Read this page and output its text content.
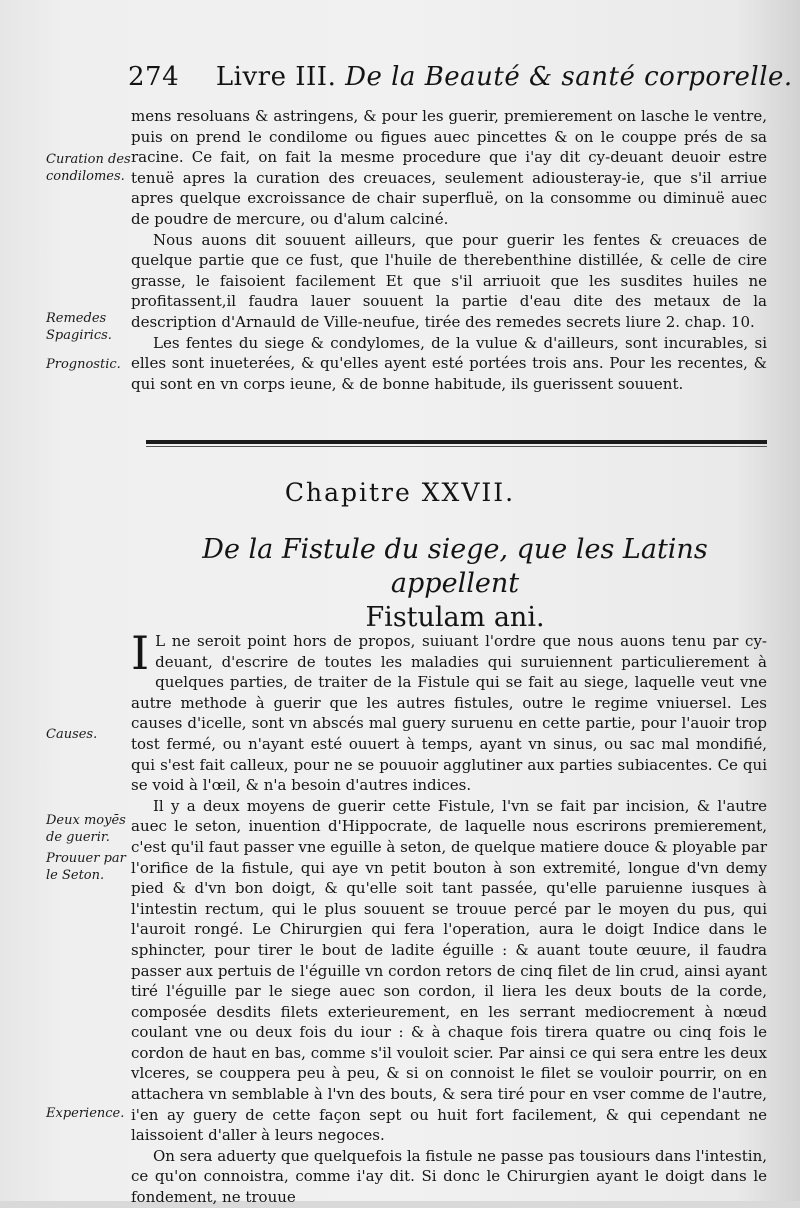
274 Livre III. De la Beauté & santé corporelle.

mens resoluans & astringens, & pour les guerir, premierement on lasche le ventre, puis on prend le condilome ou figues auec pincettes & on le couppe prés de sa racine. Ce fait, on fait la mesme procedure que i'ay dit cy-deuant deuoir estre tenuë apres la curation des creuaces, seulement adiousteray-ie, que s'il arriue apres quelque excroissance de chair superfluë, on la consomme ou diminuë auec de poudre de mercure, ou d'alum calciné.

Nous auons dit souuent ailleurs, que pour guerir les fentes & creuaces de quelque partie que ce fust, que l'huile de therebenthine distillée, & celle de cire grasse, le faisoient facilement Et que s'il arriuoit que les susdites huiles ne profitassent,il faudra lauer souuent la partie d'eau dite des metaux de la description d'Arnauld de Ville-neufue, tirée des remedes secrets liure 2. chap. 10.

Les fentes du siege & condylomes, de la vulue & d'ailleurs, sont incurables, si elles sont inueterées, & qu'elles ayent esté portées trois ans. Pour les recentes, & qui sont en vn corps ieune, & de bonne habitude, ils guerissent souuent.

Chapitre XXVII.
De la Fistule du siege, que les Latins appellent
Fistulam ani.

I L ne seroit point hors de propos, suiuant l'ordre que nous auons tenu par cy-deuant, d'escrire de toutes les maladies qui suruiennent particulierement à quelques parties, de traiter de la Fistule qui se fait au siege, laquelle veut vne autre methode à guerir que les autres fistules, outre le regime vniuersel. Les causes d'icelle, sont vn abscés mal guery suruenu en cette partie, pour l'auoir trop tost fermé, ou n'ayant esté ouuert à temps, ayant vn sinus, ou sac mal mondifié, qui s'est fait calleux, pour ne se pouuoir agglutiner aux parties subiacentes. Ce qui se void à l'œil, & n'a besoin d'autres indices.

Il y a deux moyens de guerir cette Fistule, l'vn se fait par incision, & l'autre auec le seton, inuention d'Hippocrate, de laquelle nous escrirons premierement, c'est qu'il faut passer vne eguille à seton, de quelque matiere douce & ployable par l'orifice de la fistule, qui aye vn petit bouton à son extremité, longue d'vn demy pied & d'vn bon doigt, & qu'elle soit tant passée, qu'elle paruienne iusques à l'intestin rectum, qui le plus souuent se trouue percé par le moyen du pus, qui l'auroit rongé. Le Chirurgien qui fera l'operation, aura le doigt Indice dans le sphincter, pour tirer le bout de ladite éguille : & auant toute œuure, il faudra passer aux pertuis de l'éguille vn cordon retors de cinq filet de lin crud, ainsi ayant tiré l'éguille par le siege auec son cordon, il liera les deux bouts de la corde, composée desdits filets exterieurement, en les serrant mediocrement à nœud coulant vne ou deux fois du iour : & à chaque fois tirera quatre ou cinq fois le cordon de haut en bas, comme s'il vouloit scier. Par ainsi ce qui sera entre les deux vlceres, se couppera peu à peu, & si on connoist le filet se vouloir pourrir, on en attachera vn semblable à l'vn des bouts, & sera tiré pour en vser comme de l'autre, i'en ay guery de cette façon sept ou huit fort facilement, & qui cependant ne laissoient d'aller à leurs negoces.

On sera aduerty que quelquefois la fistule ne passe pas tousiours dans l'intestin, ce qu'on connoistra, comme i'ay dit. Si donc le Chirurgien ayant le doigt dans le fondement, ne trouue

Curation des condilomes.
Remedes Spagirics.
Prognostic.
Causes.
Deux moyēs de guerir.
Prouuer par le Seton.
Experience.
